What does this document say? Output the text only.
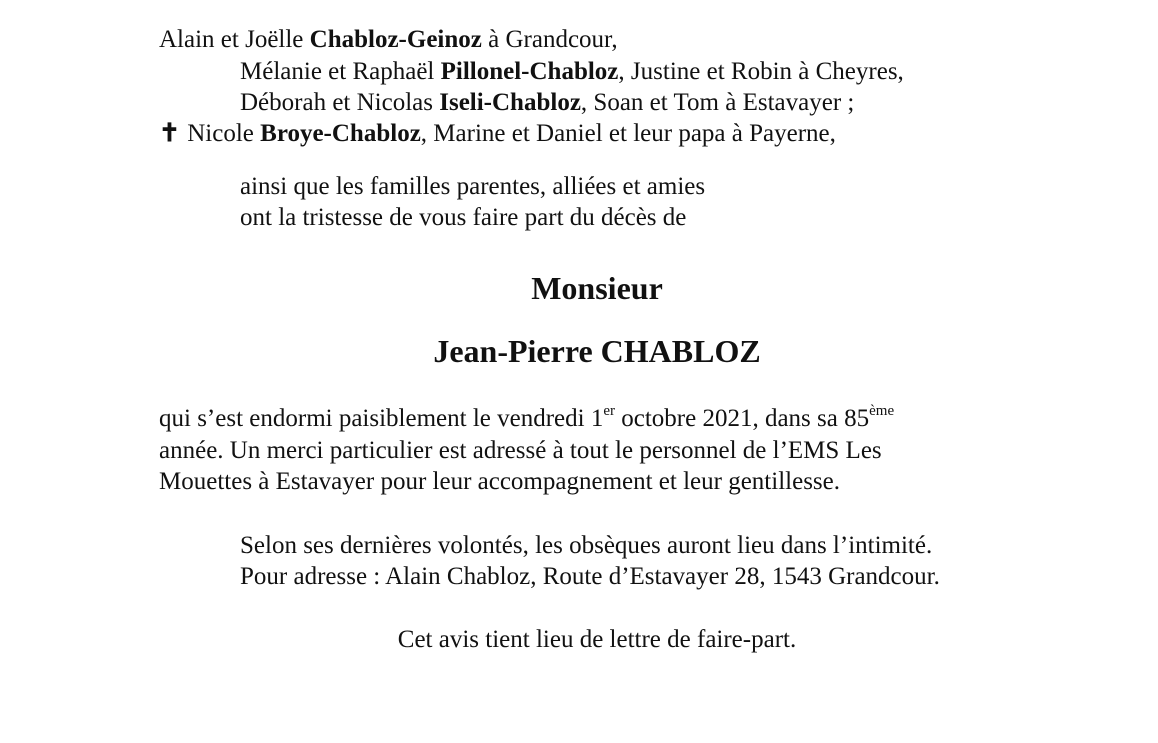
Alain et Joëlle Chabloz-Geinoz à Grandcour,
Mélanie et Raphaël Pillonel-Chabloz, Justine et Robin à Cheyres,
Déborah et Nicolas Iseli-Chabloz, Soan et Tom à Estavayer ;
✝ Nicole Broye-Chabloz, Marine et Daniel et leur papa à Payerne,
ainsi que les familles parentes, alliées et amies
ont la tristesse de vous faire part du décès de
Monsieur
Jean-Pierre CHABLOZ
qui s’est endormi paisiblement le vendredi 1er octobre 2021, dans sa 85ème
année. Un merci particulier est adressé à tout le personnel de l’EMS Les
Mouettes à Estavayer pour leur accompagnement et leur gentillesse.
Selon ses dernières volontés, les obsèques auront lieu dans l’intimité.
Pour adresse : Alain Chabloz, Route d’Estavayer 28, 1543 Grandcour.
Cet avis tient lieu de lettre de faire-part.
